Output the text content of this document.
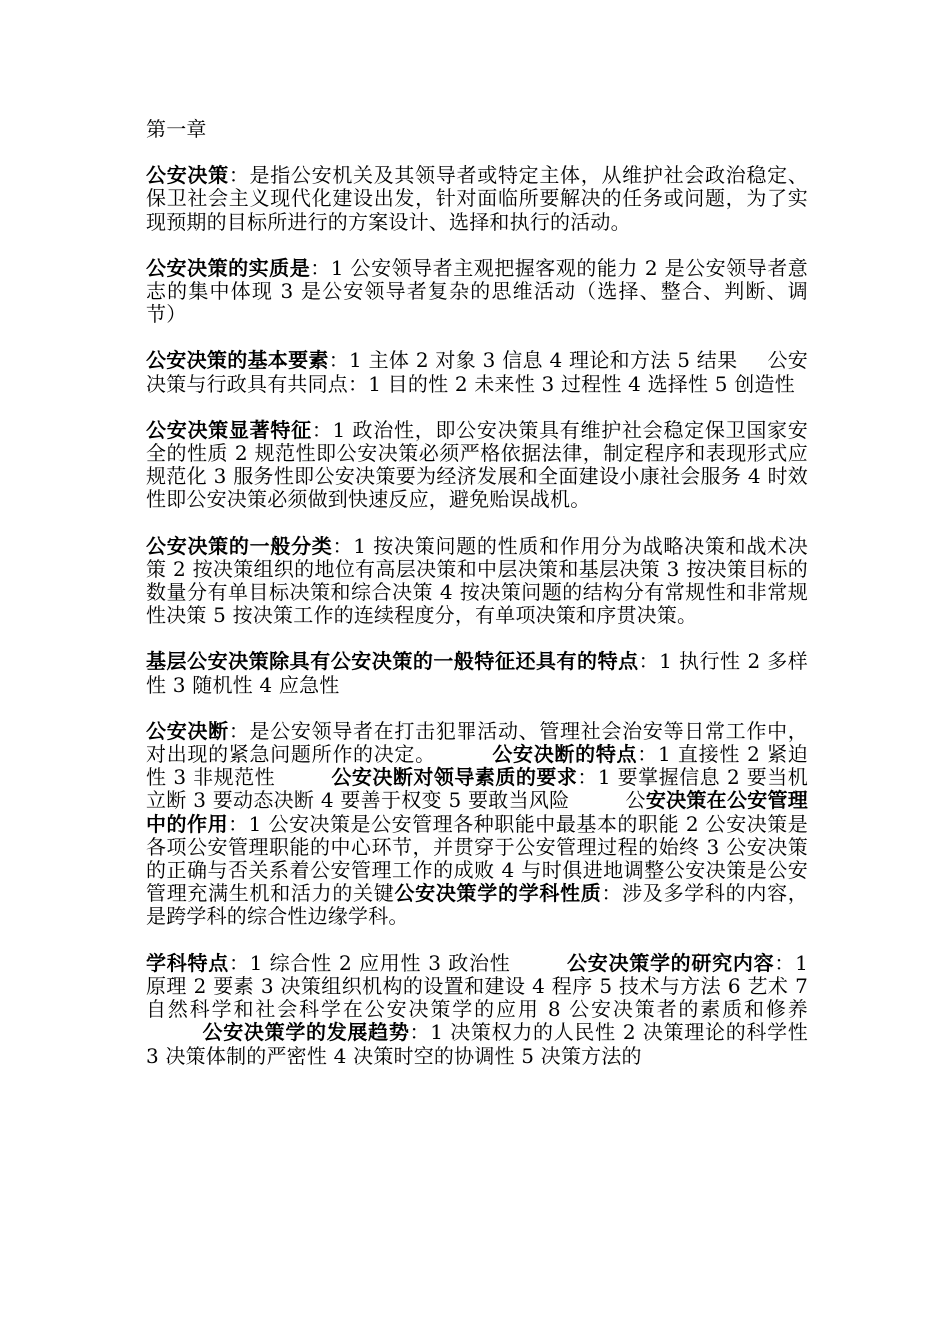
第一章

公安决策：是指公安机关及其领导者或特定主体，从维护社会政治稳定、保卫社会主义现代化建设出发，针对面临所要解决的任务或问题，为了实现预期的目标所进行的方案设计、选择和执行的活动。

公安决策的实质是：1 公安领导者主观把握客观的能力 2 是公安领导者意志的集中体现 3 是公安领导者复杂的思维活动（选择、整合、判断、调节）

公安决策的基本要素：1 主体 2 对象 3 信息 4 理论和方法 5 结果 公安决策与行政具有共同点：1 目的性 2 未来性 3 过程性 4 选择性 5 创造性

公安决策显著特征：1 政治性，即公安决策具有维护社会稳定保卫国家安全的性质 2 规范性即公安决策必须严格依据法律，制定程序和表现形式应规范化 3 服务性即公安决策要为经济发展和全面建设小康社会服务 4 时效性即公安决策必须做到快速反应，避免贻误战机。

公安决策的一般分类：1 按决策问题的性质和作用分为战略决策和战术决策 2 按决策组织的地位有高层决策和中层决策和基层决策 3 按决策目标的数量分有单目标决策和综合决策 4 按决策问题的结构分有常规性和非常规性决策 5 按决策工作的连续程度分，有单项决策和序贯决策。

基层公安决策除具有公安决策的一般特征还具有的特点：1 执行性 2 多样性 3 随机性 4 应急性

公安决断：是公安领导者在打击犯罪活动、管理社会治安等日常工作中，对出现的紧急问题所作的决定。	公安决断的特点：1 直接性 2 紧迫性 3 非规范性	公安决断对领导素质的要求：1 要掌握信息 2 要当机立断 3 要动态决断 4 要善于权变 5 要敢当风险	公安决策在公安管理中的作用：1 公安决策是公安管理各种职能中最基本的职能 2 公安决策是各项公安管理职能的中心环节，并贯穿于公安管理过程的始终 3 公安决策的正确与否关系着公安管理工作的成败 4 与时俱进地调整公安决策是公安管理充满生机和活力的关键公安决策学的学科性质：涉及多学科的内容，是跨学科的综合性边缘学科。

学科特点：1 综合性 2 应用性 3 政治性	公安决策学的研究内容：1 原理 2 要素 3 决策组织机构的设置和建设 4 程序 5 技术与方法 6 艺术 7 自然科学和社会科学在公安决策学的应用 8 公安决策者的素质和修养公安决策学的发展趋势：1 决策权力的人民性 2 决策理论的科学性 3 决策体制的严密性 4 决策时空的协调性 5 决策方法的
